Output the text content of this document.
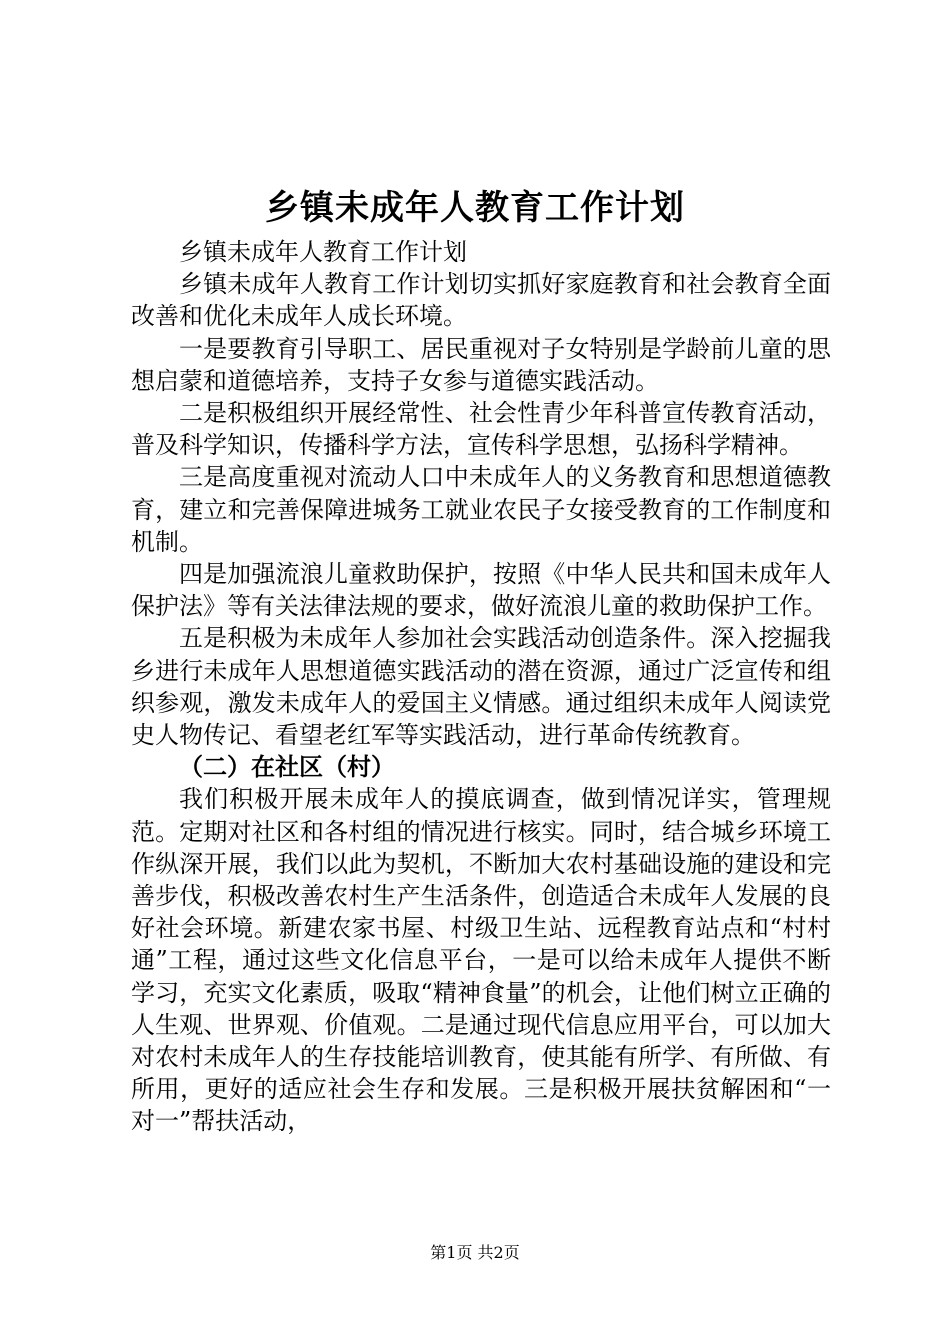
乡镇未成年人教育工作计划

乡镇未成年人教育工作计划

乡镇未成年人教育工作计划切实抓好家庭教育和社会教育全面改善和优化未成年人成长环境。

一是要教育引导职工、居民重视对子女特别是学龄前儿童的思想启蒙和道德培养，支持子女参与道德实践活动。

二是积极组织开展经常性、社会性青少年科普宣传教育活动，普及科学知识，传播科学方法，宣传科学思想，弘扬科学精神。

三是高度重视对流动人口中未成年人的义务教育和思想道德教育，建立和完善保障进城务工就业农民子女接受教育的工作制度和机制。

四是加强流浪儿童救助保护，按照《中华人民共和国未成年人保护法》等有关法律法规的要求，做好流浪儿童的救助保护工作。

五是积极为未成年人参加社会实践活动创造条件。深入挖掘我乡进行未成年人思想道德实践活动的潜在资源，通过广泛宣传和组织参观，激发未成年人的爱国主义情感。通过组织未成年人阅读党史人物传记、看望老红军等实践活动，进行革命传统教育。

（二）在社区（村）

我们积极开展未成年人的摸底调查，做到情况详实，管理规范。定期对社区和各村组的情况进行核实。同时，结合城乡环境工作纵深开展，我们以此为契机，不断加大农村基础设施的建设和完善步伐，积极改善农村生产生活条件，创造适合未成年人发展的良好社会环境。新建农家书屋、村级卫生站、远程教育站点和“村村通”工程，通过这些文化信息平台，一是可以给未成年人提供不断学习，充实文化素质，吸取“精神食量”的机会，让他们树立正确的人生观、世界观、价值观。二是通过现代信息应用平台，可以加大对农村未成年人的生存技能培训教育，使其能有所学、有所做、有所用，更好的适应社会生存和发展。三是积极开展扶贫解困和“一对一”帮扶活动，

第1页 共2页
